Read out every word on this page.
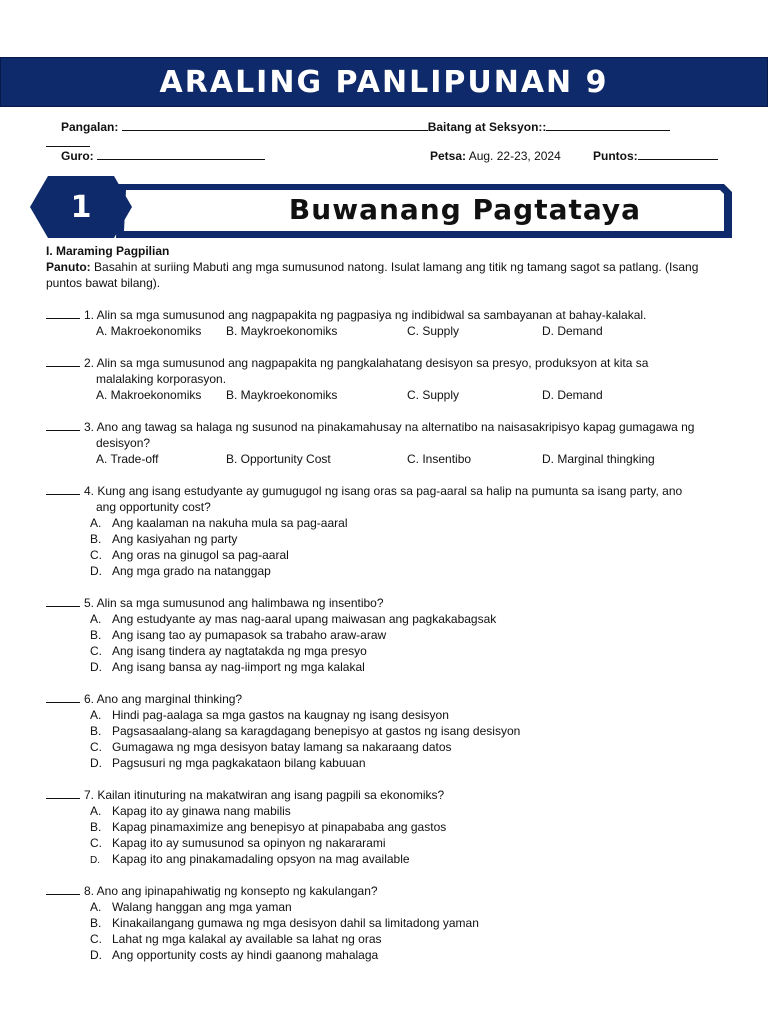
ARALING PANLIPUNAN 9
Pangalan:	Baitang at Seksyon::
Guro:	Petsa: Aug. 22-23, 2024	Puntos:
1	Buwanang Pagtataya
I. Maraming Pagpilian
Panuto: Basahin at suriing Mabuti ang mga sumusunod natong. Isulat lamang ang titik ng tamang sagot sa patlang. (Isang puntos bawat bilang).
1. Alin sa mga sumusunod ang nagpapakita ng pagpasiya ng indibidwal sa sambayanan at bahay-kalakal.
A. Makroekonomiks B. Maykroekonomiks	C. Supply	D. Demand
2. Alin sa mga sumusunod ang nagpapakita ng pangkalahatang desisyon sa presyo, produksyon at kita sa
malalaking korporasyon.
A. Makroekonomiks B. Maykroekonomiks	C. Supply	D. Demand
3. Ano ang tawag sa halaga ng susunod na pinakamahusay na alternatibo na naisasakripisyo kapag gumagawa ng
desisyon?
A. Trade-off	B. Opportunity Cost	C. Insentibo	D. Marginal thingking
4. Kung ang isang estudyante ay gumugugol ng isang oras sa pag-aaral sa halip na pumunta sa isang party, ano
ang opportunity cost?
A. Ang kaalaman na nakuha mula sa pag-aaral
B. Ang kasiyahan ng party
C. Ang oras na ginugol sa pag-aaral
D. Ang mga grado na natanggap
5. Alin sa mga sumusunod ang halimbawa ng insentibo?
A. Ang estudyante ay mas nag-aaral upang maiwasan ang pagkakabagsak
B. Ang isang tao ay pumapasok sa trabaho araw-araw
C. Ang isang tindera ay nagtatakda ng mga presyo
D. Ang isang bansa ay nag-iimport ng mga kalakal
6. Ano ang marginal thinking?
A. Hindi pag-aalaga sa mga gastos na kaugnay ng isang desisyon
B. Pagsasaalang-alang sa karagdagang benepisyo at gastos ng isang desisyon
C. Gumagawa ng mga desisyon batay lamang sa nakaraang datos
D. Pagsusuri ng mga pagkakataon bilang kabuuan
7. Kailan itinuturing na makatwiran ang isang pagpili sa ekonomiks?
A. Kapag ito ay ginawa nang mabilis
B. Kapag pinamaximize ang benepisyo at pinapababa ang gastos
C. Kapag ito ay sumusunod sa opinyon ng nakararami
D. Kapag ito ang pinakamadaling opsyon na mag available
8. Ano ang ipinapahiwatig ng konsepto ng kakulangan?
A. Walang hanggan ang mga yaman
B. Kinakailangang gumawa ng mga desisyon dahil sa limitadong yaman
C. Lahat ng mga kalakal ay available sa lahat ng oras
D. Ang opportunity costs ay hindi gaanong mahalaga
